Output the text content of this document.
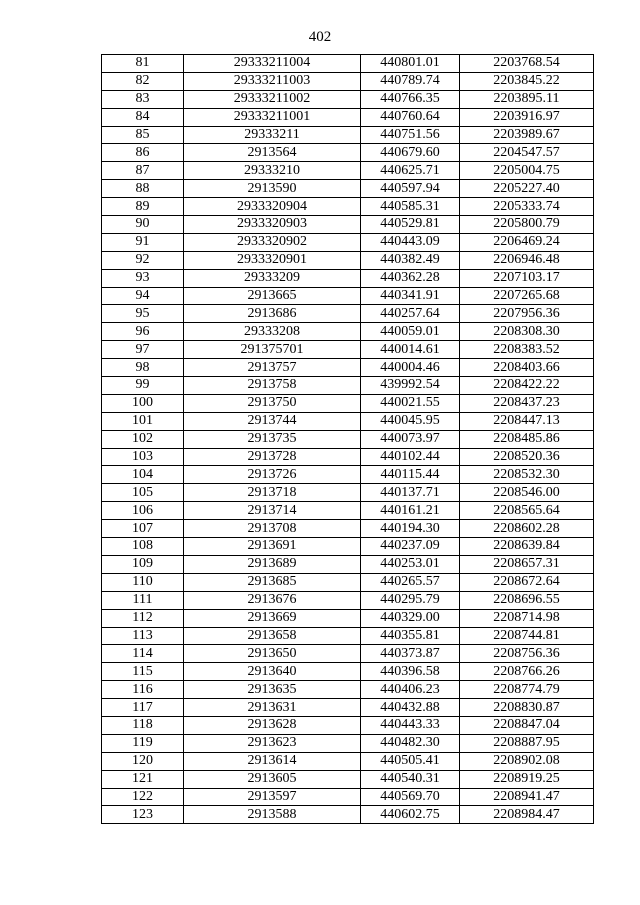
402
81	29333211004	440801.01	2203768.54
82	29333211003	440789.74	2203845.22
83	29333211002	440766.35	2203895.11
84	29333211001	440760.64	2203916.97
85	29333211	440751.56	2203989.67
86	2913564	440679.60	2204547.57
87	29333210	440625.71	2205004.75
88	2913590	440597.94	2205227.40
89	2933320904	440585.31	2205333.74
90	2933320903	440529.81	2205800.79
91	2933320902	440443.09	2206469.24
92	2933320901	440382.49	2206946.48
93	29333209	440362.28	2207103.17
94	2913665	440341.91	2207265.68
95	2913686	440257.64	2207956.36
96	29333208	440059.01	2208308.30
97	291375701	440014.61	2208383.52
98	2913757	440004.46	2208403.66
99	2913758	439992.54	2208422.22
100	2913750	440021.55	2208437.23
101	2913744	440045.95	2208447.13
102	2913735	440073.97	2208485.86
103	2913728	440102.44	2208520.36
104	2913726	440115.44	2208532.30
105	2913718	440137.71	2208546.00
106	2913714	440161.21	2208565.64
107	2913708	440194.30	2208602.28
108	2913691	440237.09	2208639.84
109	2913689	440253.01	2208657.31
110	2913685	440265.57	2208672.64
111	2913676	440295.79	2208696.55
112	2913669	440329.00	2208714.98
113	2913658	440355.81	2208744.81
114	2913650	440373.87	2208756.36
115	2913640	440396.58	2208766.26
116	2913635	440406.23	2208774.79
117	2913631	440432.88	2208830.87
118	2913628	440443.33	2208847.04
119	2913623	440482.30	2208887.95
120	2913614	440505.41	2208902.08
121	2913605	440540.31	2208919.25
122	2913597	440569.70	2208941.47
123	2913588	440602.75	2208984.47
